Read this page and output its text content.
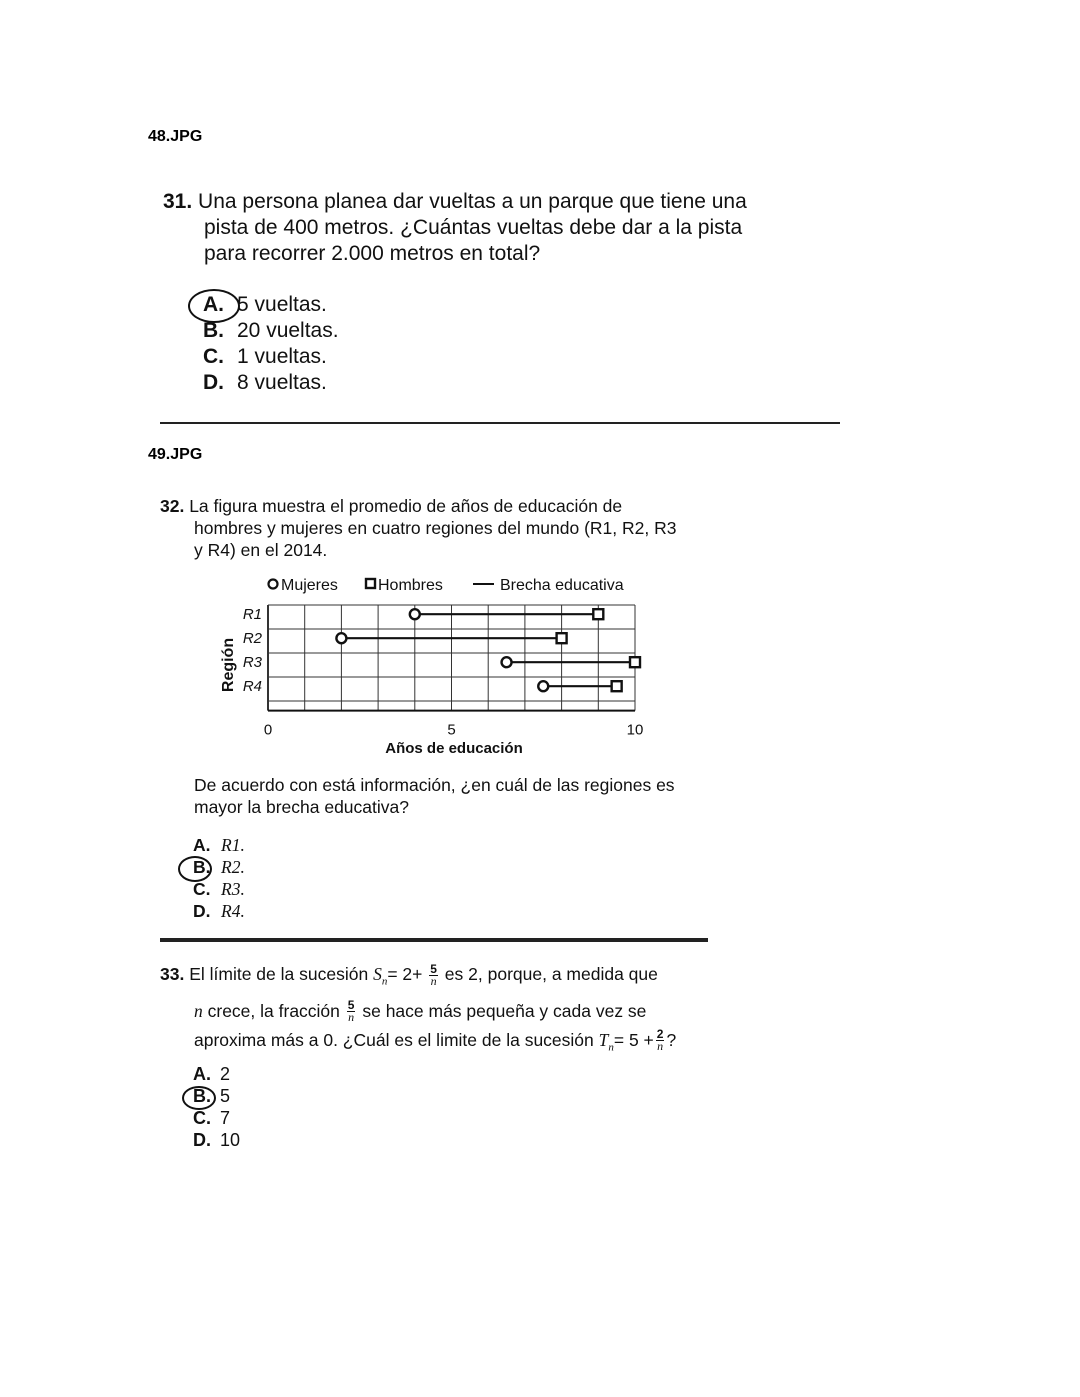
48.JPG
31. Una persona planea dar vueltas a un parque que tiene una
pista de 400 metros. ¿Cuántas vueltas debe dar a la pista
para recorrer 2.000 metros en total?
A. 5 vueltas.
B. 20 vueltas.
C. 1 vueltas.
D. 8 vueltas.
49.JPG
32. La figura muestra el promedio de años de educación de
hombres y mujeres en cuatro regiones del mundo (R1, R2, R3
y R4) en el 2014.
Mujeres	Hombres	Brecha educativa
R1
R2
R3
R4
0	5	10
Región
Años de educación
De acuerdo con está información, ¿en cuál de las regiones es
mayor la brecha educativa?
A. R1.
B. R2.
C. R3.
D. R4.
33. El límite de la sucesión $S_n= 2+ \frac{5}{n}$ es 2, porque, a medida que
n crece, la fracción $\frac{5}{n}$ se hace más pequeña y cada vez se
aproxima más a 0. ¿Cuál es el limite de la sucesión $T_n= 5 + \frac{2}{n}$ ?
A. 2
B. 5
C. 7
D. 10
